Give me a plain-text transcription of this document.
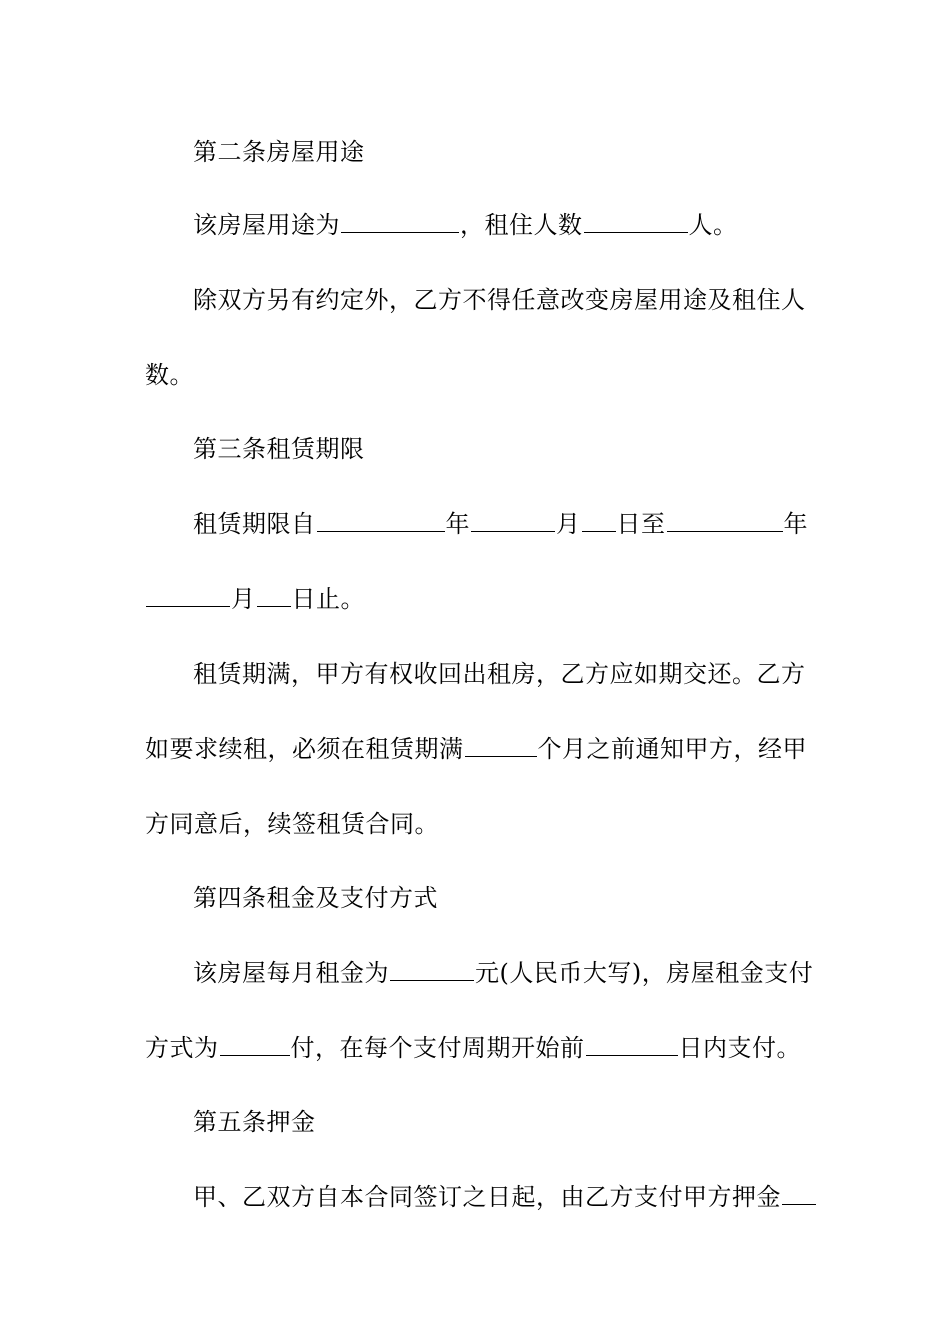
第二条房屋用途
该房屋用途为	，租住人数	人。
除双方另有约定外，乙方不得任意改变房屋用途及租住人
数。
第三条租赁期限
租赁期限自	年	月 日至	年
月 日止。
租赁期满，甲方有权收回出租房，乙方应如期交还。乙方
如要求续租，必须在租赁期满	个月之前通知甲方，经甲
方同意后，续签租赁合同。
第四条租金及支付方式
该房屋每月租金为	元(人民币大写)，房屋租金支付
方式为	付，在每个支付周期开始前	日内支付。
第五条押金
甲、乙双方自本合同签订之日起，由乙方支付甲方押金
